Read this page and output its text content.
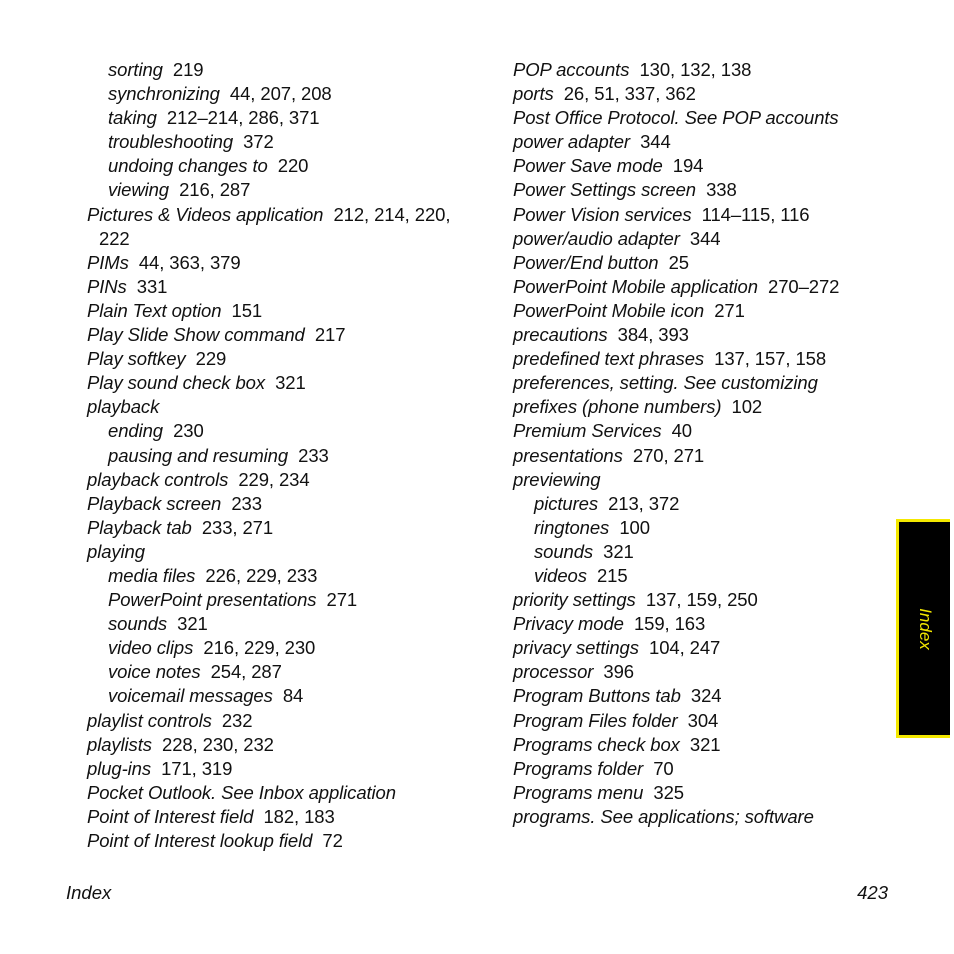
sorting 219
synchronizing 44, 207, 208
taking 212–214, 286, 371
troubleshooting 372
undoing changes to 220
viewing 216, 287
Pictures & Videos application 212, 214, 220,
222
PIMs 44, 363, 379
PINs 331
Plain Text option 151
Play Slide Show command 217
Play softkey 229
Play sound check box 321
playback
ending 230
pausing and resuming 233
playback controls 229, 234
Playback screen 233
Playback tab 233, 271
playing
media files 226, 229, 233
PowerPoint presentations 271
sounds 321
video clips 216, 229, 230
voice notes 254, 287
voicemail messages 84
playlist controls 232
playlists 228, 230, 232
plug-ins 171, 319
Pocket Outlook. See Inbox application
Point of Interest field 182, 183
Point of Interest lookup field 72
POP accounts 130, 132, 138
ports 26, 51, 337, 362
Post Office Protocol. See POP accounts
power adapter 344
Power Save mode 194
Power Settings screen 338
Power Vision services 114–115, 116
power/audio adapter 344
Power/End button 25
PowerPoint Mobile application 270–272
PowerPoint Mobile icon 271
precautions 384, 393
predefined text phrases 137, 157, 158
preferences, setting. See customizing
prefixes (phone numbers) 102
Premium Services 40
presentations 270, 271
previewing
pictures 213, 372
ringtones 100
sounds 321
videos 215
priority settings 137, 159, 250
Privacy mode 159, 163
privacy settings 104, 247
processor 396
Program Buttons tab 324
Program Files folder 304
Programs check box 321
Programs folder 70
Programs menu 325
programs. See applications; software
Index	423
Index
